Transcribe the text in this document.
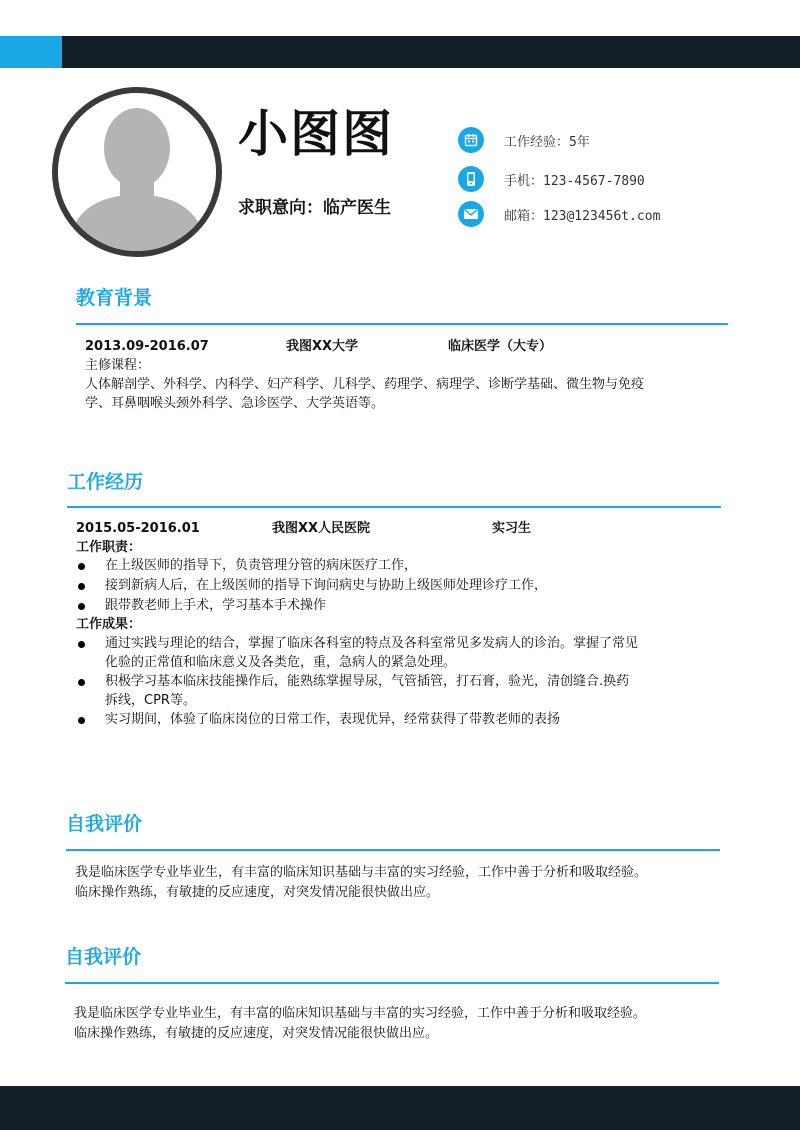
小图图
求职意向：临产医生
工作经验：5年
手机：123-4567-7890
邮箱：123@123456t.com
教育背景
2013.09-2016.07	我图XX大学	临床医学（大专）
主修课程：
人体解剖学、外科学、内科学、妇产科学、儿科学、药理学、病理学、诊断学基础、微生物与免疫
学、耳鼻咽喉头颈外科学、急诊医学、大学英语等。
工作经历
2015.05-2016.01	我图XX人民医院	实习生
工作职责：
在上级医师的指导下，负责管理分管的病床医疗工作，
接到新病人后，在上级医师的指导下询问病史与协助上级医师处理诊疗工作，
跟带教老师上手术，学习基本手术操作
工作成果：
通过实践与理论的结合，掌握了临床各科室的特点及各科室常见多发病人的诊治。掌握了常见
化验的正常值和临床意义及各类危，重，急病人的紧急处理。
积极学习基本临床技能操作后，能熟练掌握导尿，气管插管，打石膏，验光，清创缝合.换药
拆线，CPR等。
实习期间，体验了临床岗位的日常工作，表现优异，经常获得了带教老师的表扬
自我评价
我是临床医学专业毕业生，有丰富的临床知识基础与丰富的实习经验，工作中善于分析和吸取经验。
临床操作熟练，有敏捷的反应速度，对突发情况能很快做出应。
自我评价
我是临床医学专业毕业生，有丰富的临床知识基础与丰富的实习经验，工作中善于分析和吸取经验。
临床操作熟练，有敏捷的反应速度，对突发情况能很快做出应。
